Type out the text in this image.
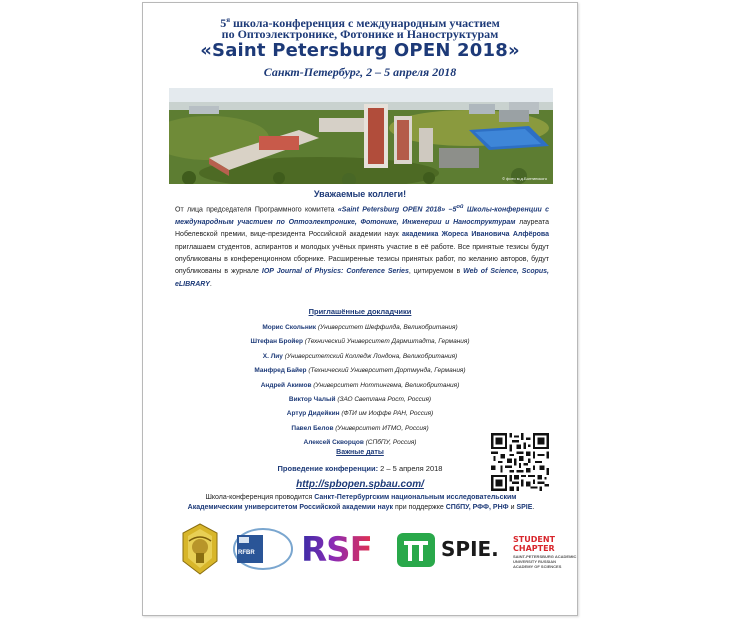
$5^я$ школа-конференция с международным участием
по Оптоэлектронике, Фотонике и Наноструктурам
«Saint Petersburg OPEN 2018»
Санкт-Петербург, 2 – 5 апреля 2018
© фото м.д.Болтинского
Уважаемые коллеги!
От лица председателя Программного комитета «Saint Petersburg OPEN 2018» $-5^{ой}$ Школы-конференции с международным участием по Оптоэлектронике, Фотонике, Инженерии и Наноструктурам лауреата Нобелевской премии, вице-президента Российской академии наук академика Жореса Ивановича Алфёрова приглашаем студентов, аспирантов и молодых учёных принять участие в её работе. Все принятые тезисы будут опубликованы в конференционном сборнике. Расширенные тезисы принятых работ, по желанию авторов, будут опубликованы в журнале IOP Journal of Physics: Conference Series, цитируемом в Web of Science, Scopus, eLIBRARY.
Приглашённые докладчики
Морис Скольник (Университет Шеффилда, Великобритания)
Штефан Бройер (Технический Университет Дармштадта, Германия)
Х. Лиу (Университетский Колледж Лондона, Великобритания)
Манфред Байер (Технический Университет Дортмунда, Германия)
Андрей Акимов (Университет Ноттингема, Великобритания)
Виктор Чалый (ЗАО Светлана Рост, Россия)
Артур Дидейкин (ФТИ им Иоффе РАН, Россия)
Павел Белов (Университет ИТМО, Россия)
Алексей Скворцов (СПбПУ, Россия)
Важные даты
Проведение конференции: 2 – 5 апреля 2018
http://spbopen.spbau.com/
Школа-конференция проводится Санкт-Петербургским национальным исследовательским Академическим университетом Российской академии наук при поддержке СПбПУ, РФФ, РНФ и SPIE.
RFBR RSF	SPIE. STUDENT
CHAPTER
SAINT-PETERSBURG ACADEMIC UNIVERSITY RUSSIAN ACADEMY OF SCIENCES
